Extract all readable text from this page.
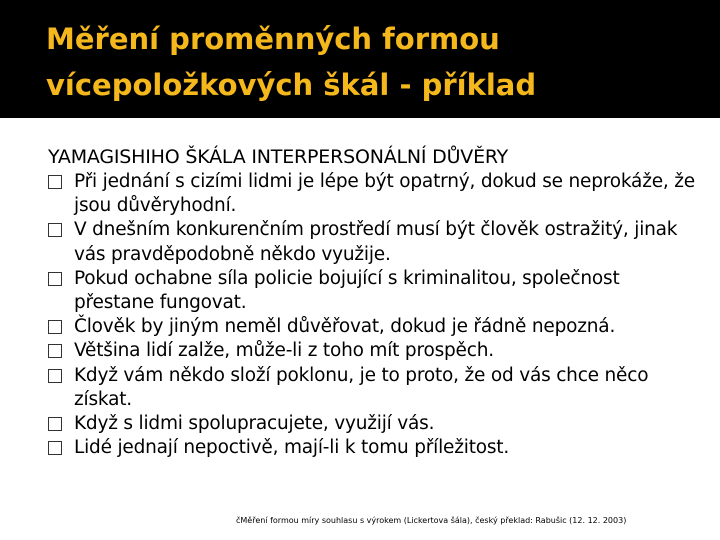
Měření proměnných formou
vícepoložkových škál - příklad

YAMAGISHIHO ŠKÁLA INTERPERSONÁLNÍ DŮVĚRY

Při jednání s cizími lidmi je lépe být opatrný, dokud se neprokáže, že jsou důvěryhodní.
V dnešním konkurenčním prostředí musí být člověk ostražitý, jinak vás pravděpodobně někdo využije.
Pokud ochabne síla policie bojující s kriminalitou, společnost přestane fungovat.
Člověk by jiným neměl důvěřovat, dokud je řádně nepozná.
Většina lidí zalže, může-li z toho mít prospěch.
Když vám někdo složí poklonu, je to proto, že od vás chce něco získat.
Když s lidmi spolupracujete, využijí vás.
Lidé jednají nepoctivě, mají-li k tomu příležitost.
čMěření formou míry souhlasu s výrokem (Lickertova šála), český překlad: Rabušic (12. 12. 2003)
